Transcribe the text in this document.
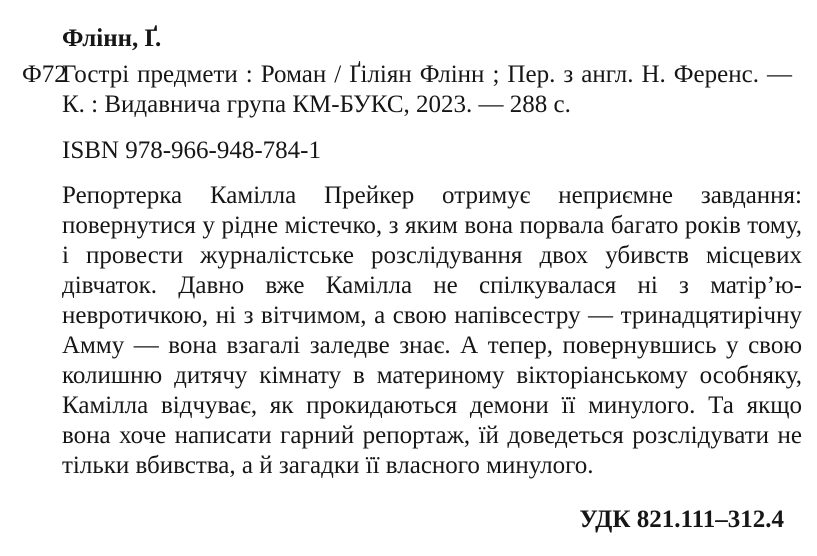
Флінн, Ґ.
Ф72
Гострі предмети : Роман / Ґіліян Флінн ; Пер. з англ. Н. Ференс. — К. : Видавнича група КМ-БУКС, 2023. — 288 с.
ISBN 978-966-948-784-1
Репортерка Камілла Прейкер отримує неприємне завдання: повернутися у рідне містечко, з яким вона порвала багато років тому, і провести журналістське розслідування двох убивств місцевих дівчаток. Давно вже Камілла не спілкувалася ні з матір’ю-невротичкою, ні з вітчимом, а свою напівсестру — тринадцятирічну Амму — вона взагалі заледве знає. А тепер, повернувшись у свою колишню дитячу кімнату в материному вікторіанському особняку, Камілла відчуває, як прокидаються демони її минулого. Та якщо вона хоче написати гарний репортаж, їй доведеться розслідувати не тільки вбивства, а й загадки її власного минулого.
УДК 821.111–312.4
